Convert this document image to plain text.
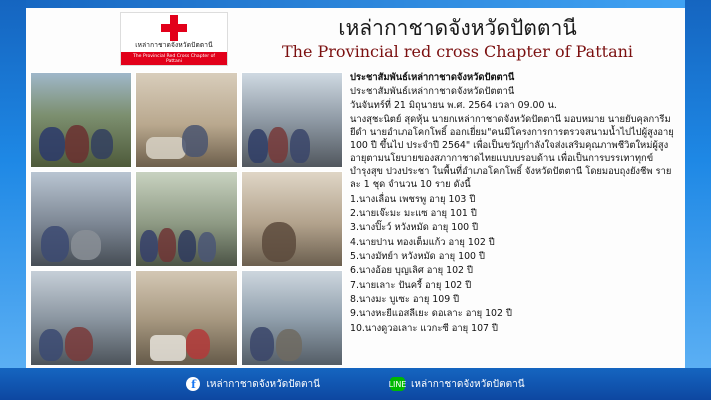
f	เหล่ากาชาดจังหวัดปัตตานี	LINE เหล่ากาชาดจังหวัดปัตตานี
เหล่ากาชาดจังหวัดปัตตานี
The Provincial Red Cross Chapter of Pattani
เหล่ากาชาดจังหวัดปัตตานี
The Provincial red cross Chapter of Pattani

ประชาสัมพันธ์เหล่ากาชาดจังหวัดปัตตานี

ประชาสัมพันธ์เหล่ากาชาดจังหวัดปัตตานี

วันจันทร์ที่ 21 มิถุนายน พ.ศ. 2564 เวลา 09.00 น.

นางสุชะนิตย์ สุดหุ้น นายกเหล่ากาชาดจังหวัดปัตตานี มอบหมาย นายยับคุลการีม ยีดำ นายอำเภอโคกโพธิ์ ออกเยี่ยม"คนมีโครงการการตรวจสนามน้ำไปไปผู้สูงอายุ 100 ปี ขึ้นไป ประจำปี 2564" เพื่อเป็นขวัญกำลังใจส่งเสริมคุณภาพชีวิตใหม่ผู้สูงอายุตามนโยบายของสภากาชาดไทยแบบบรอบด้าน เพื่อเป็นการบรรเทาทุกข์ บำรุงสุข ปวงประชา ในพื้นที่อำเภอโคกโพธิ์ จังหวัดปัตตานี โดยมอบถุงยังชีพ รายละ 1 ชุด จำนวน 10 ราย ดังนี้

1.นางเลื่อน เพชรพู อายุ 103 ปี

2.นายเจ๊ะมะ มะแซ อายุ 101 ปี

3.นางปิ๊ะว์ หวังหมัด อายุ 100 ปี

4.นายปาน ทองเต็มแก้ว อายุ 102 ปี

5.นางมัทย์า หวังหมัด อายุ 100 ปี

6.นางอ้อย บุญเลิศ อายุ 102 ปี

7.นายเลาะ ปันครี้ อายุ 102 ปี

8.นางมะ บูเซะ อายุ 109 ปี

9.นางหะยีแอสลีเยะ ดอเลาะ อายุ 102 ปี

10.นางดูวอเลาะ แวกะซี อายุ 107 ปี
